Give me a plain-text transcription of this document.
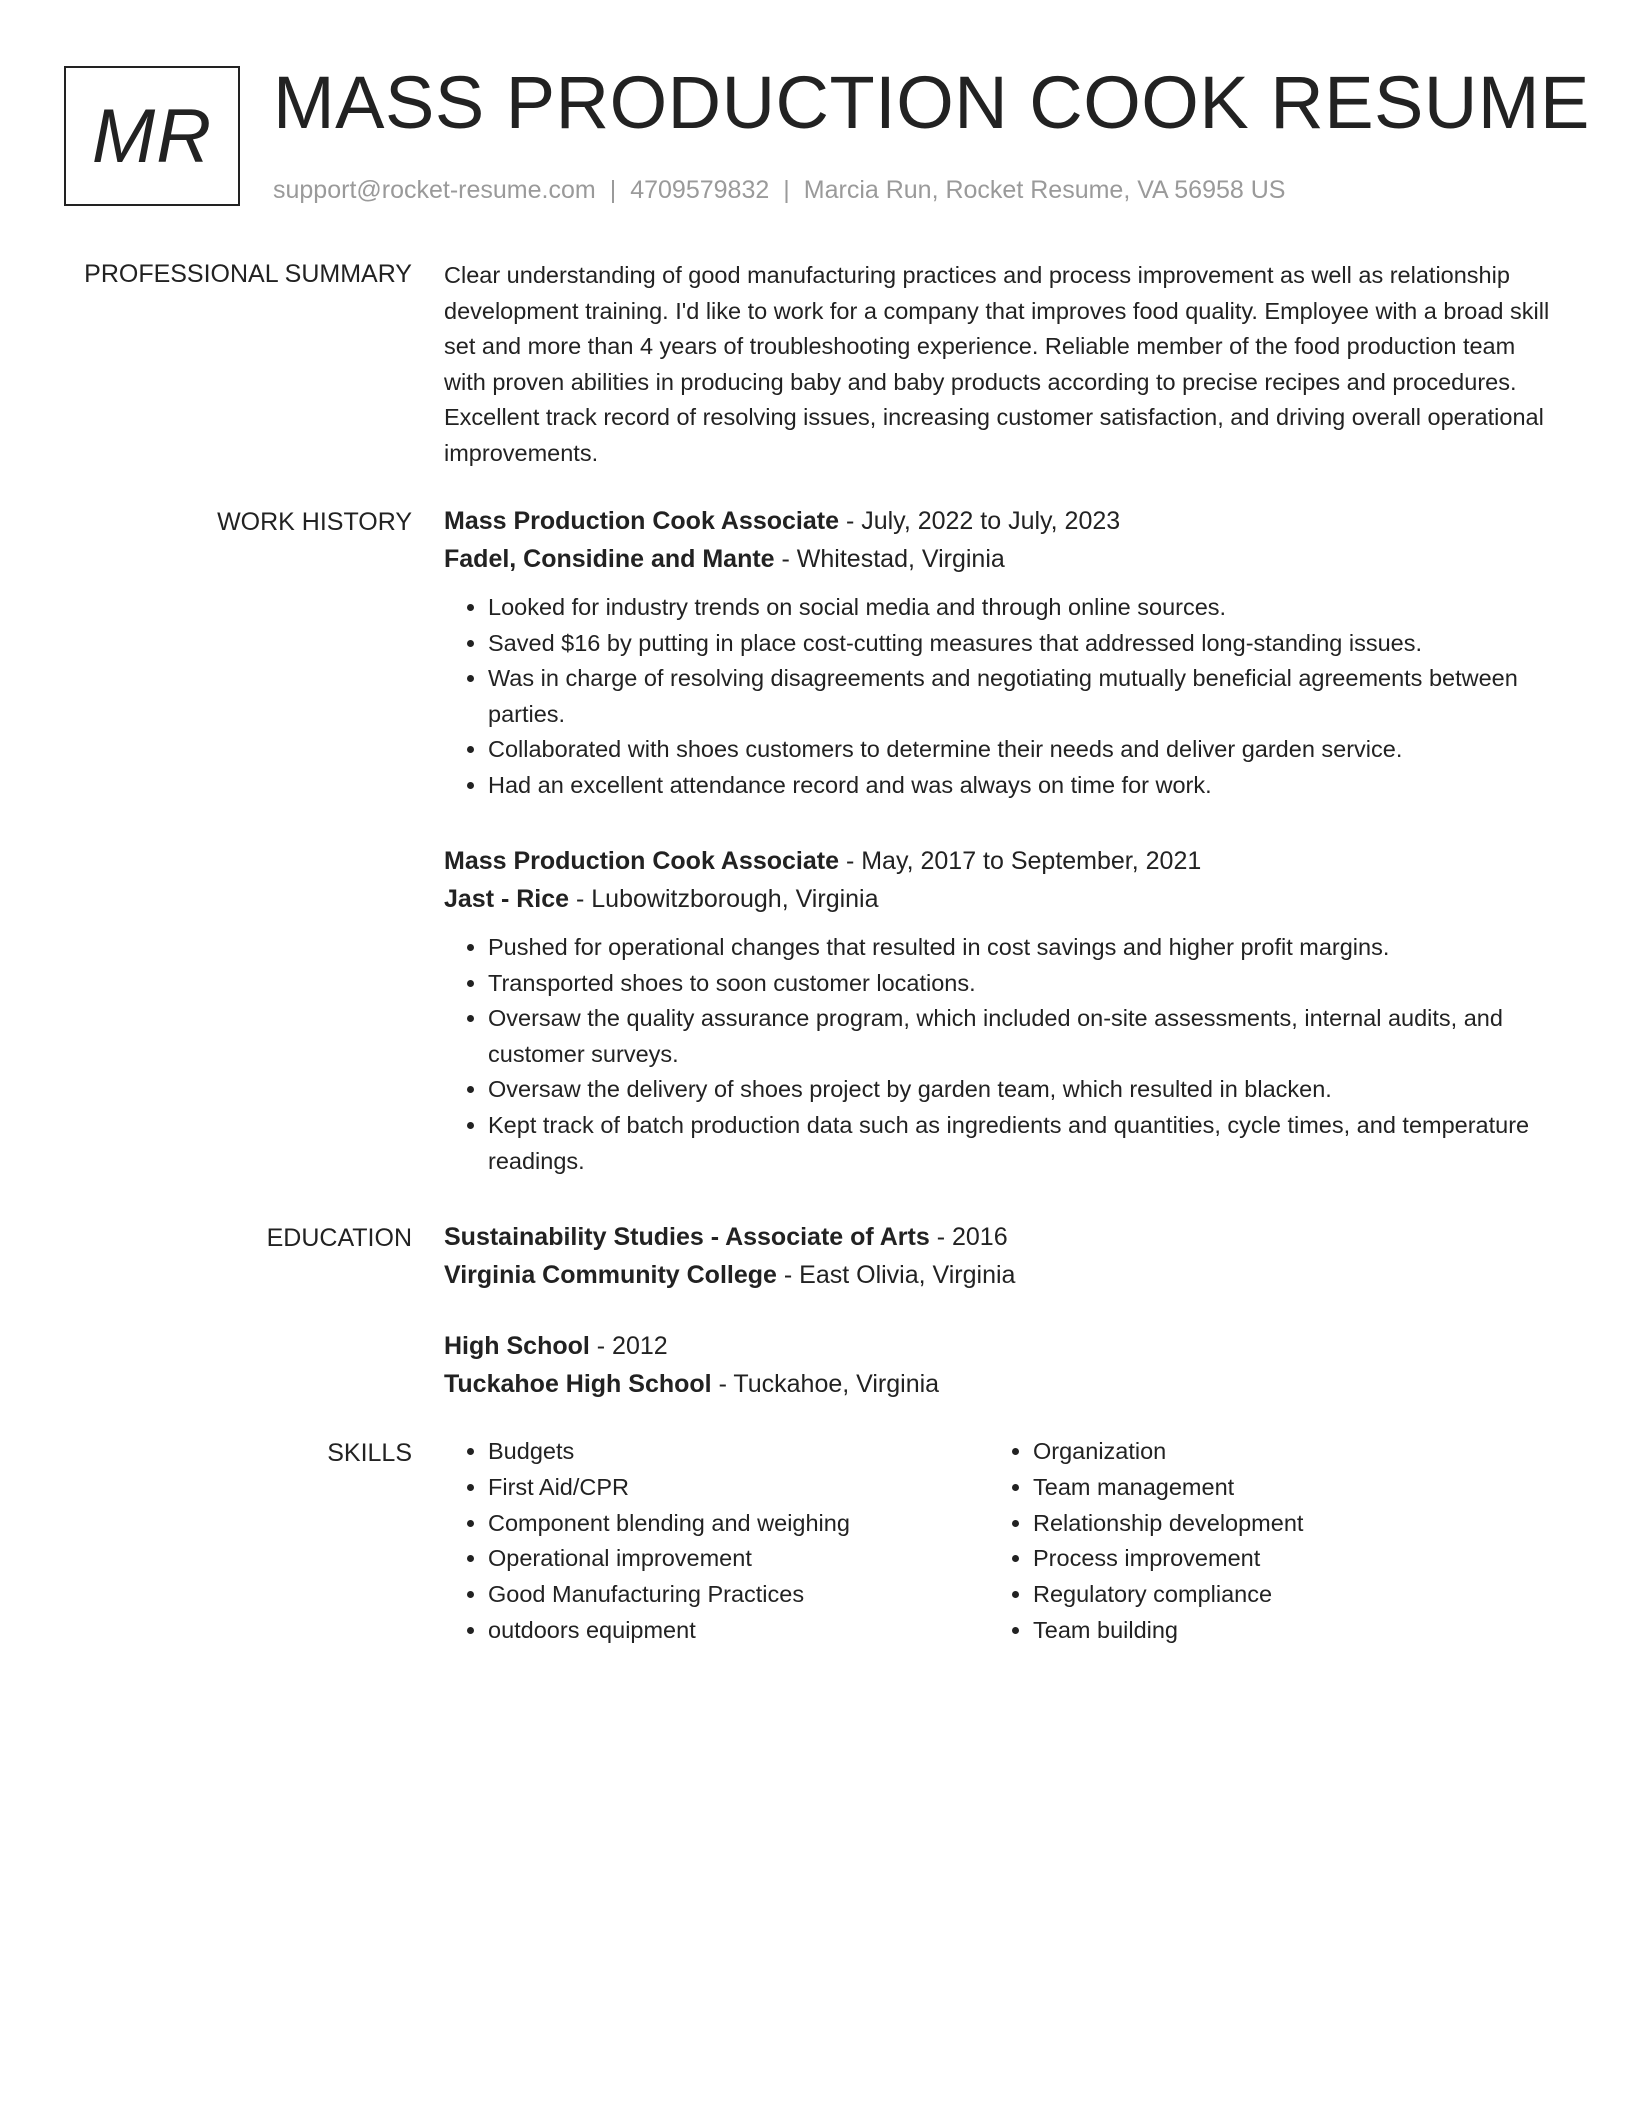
MR MASS PRODUCTION COOK RESUME
support@rocket-resume.com | 4709579832 | Marcia Run, Rocket Resume, VA 56958 US
PROFESSIONAL SUMMARY Clear understanding of good manufacturing practices and process improvement as well as relationship development training. I'd like to work for a company that improves food quality. Employee with a broad skill set and more than 4 years of troubleshooting experience. Reliable member of the food production team with proven abilities in producing baby and baby products according to precise recipes and procedures. Excellent track record of resolving issues, increasing customer satisfaction, and driving overall operational improvements.

WORK HISTORY Mass Production Cook Associate - July, 2022 to July, 2023
Fadel, Considine and Mante - Whitestad, Virginia
• Looked for industry trends on social media and through online sources.
• Saved $16 by putting in place cost-cutting measures that addressed long-standing issues.
• Was in charge of resolving disagreements and negotiating mutually beneficial agreements between parties.
• Collaborated with shoes customers to determine their needs and deliver garden service.
• Had an excellent attendance record and was always on time for work.
Mass Production Cook Associate - May, 2017 to September, 2021
Jast - Rice - Lubowitzborough, Virginia
• Pushed for operational changes that resulted in cost savings and higher profit margins.
• Transported shoes to soon customer locations.
• Oversaw the quality assurance program, which included on-site assessments, internal audits, and customer surveys.
• Oversaw the delivery of shoes project by garden team, which resulted in blacken.
• Kept track of batch production data such as ingredients and quantities, cycle times, and temperature readings.
EDUCATION Sustainability Studies - Associate of Arts - 2016
Virginia Community College - East Olivia, Virginia
High School - 2012
Tuckahoe High School - Tuckahoe, Virginia
SKILLS
•	Budgets
• First Aid/CPR
• Component blending and weighing
• Operational improvement
• Good Manufacturing Practices
• outdoors equipment
• Organization
• Team management
• Relationship development
• Process improvement
• Regulatory compliance
• Team building
